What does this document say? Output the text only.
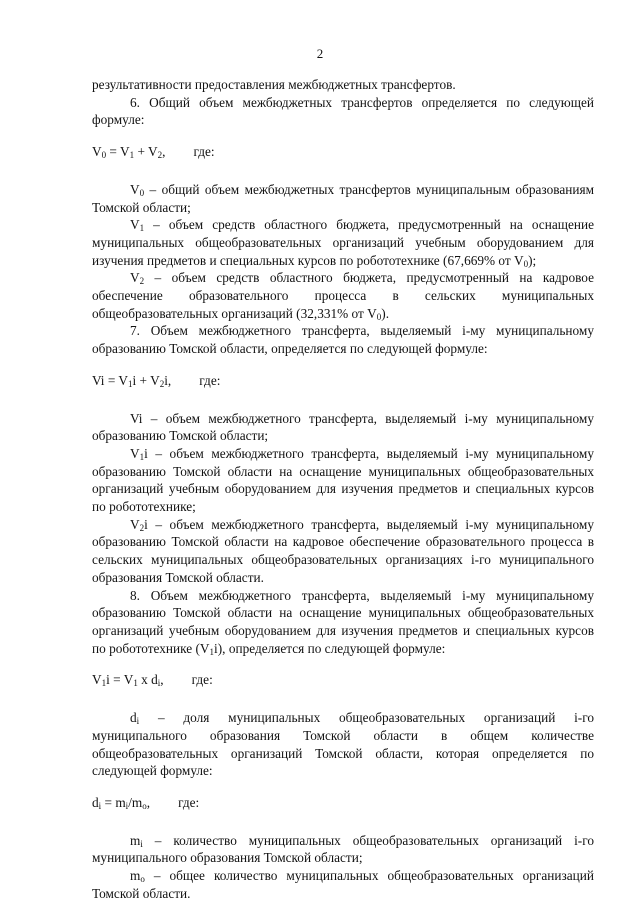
2

результативности предоставления межбюджетных трансфертов.

6. Общий объем межбюджетных трансфертов определяется по следующей формуле:

$V_0 = V_1 + V_2$, где:

$V_0$ – общий объем межбюджетных трансфертов муниципальным образованиям Томской области;

$V_1$ – объем средств областного бюджета, предусмотренный на оснащение муниципальных общеобразовательных организаций учебным оборудованием для изучения предметов и специальных курсов по робототехнике (67,669% от $V_0$);

$V_2$ – объем средств областного бюджета, предусмотренный на кадровое обеспечение образовательного процесса в сельских муниципальных общеобразовательных организаций (32,331% от $V_0$).

7. Объем межбюджетного трансферта, выделяемый i-му муниципальному образованию Томской области, определяется по следующей формуле:

$Vi = V_1i + V_2i$, где:

Vi – объем межбюджетного трансферта, выделяемый i-му муниципальному образованию Томской области;

$V_1i$ – объем межбюджетного трансферта, выделяемый i-му муниципальному образованию Томской области на оснащение муниципальных общеобразовательных организаций учебным оборудованием для изучения предметов и специальных курсов по робототехнике;

$V_2i$ – объем межбюджетного трансферта, выделяемый i-му муниципальному образованию Томской области на кадровое обеспечение образовательного процесса в сельских муниципальных общеобразовательных организациях i-го муниципального образования Томской области.

8. Объем межбюджетного трансферта, выделяемый i-му муниципальному образованию Томской области на оснащение муниципальных общеобразовательных организаций учебным оборудованием для изучения предметов и специальных курсов по робототехнике $(V_1i)$, определяется по следующей формуле:

$V_1i = V_1$ x $d_i$, где:

$d_i$ – доля муниципальных общеобразовательных организаций i-го муниципального образования Томской области в общем количестве общеобразовательных организаций Томской области, которая определяется по следующей формуле:

$d_i = m_i/m_o$, где:

$m_i$ – количество муниципальных общеобразовательных организаций i-го муниципального образования Томской области;

$m_o$ – общее количество муниципальных общеобразовательных организаций Томской области.
